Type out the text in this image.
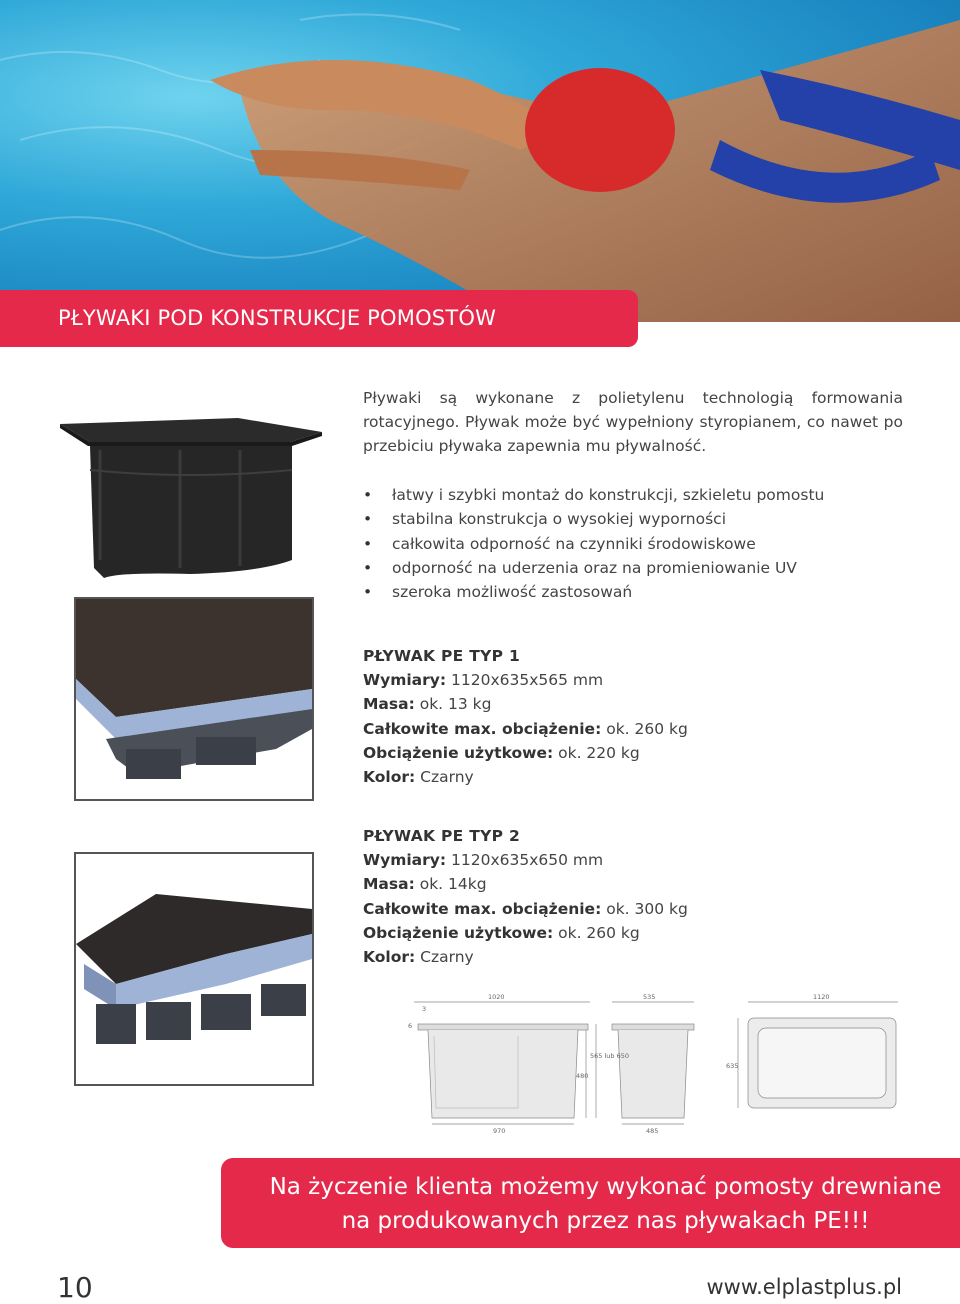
PŁYWAKI POD KONSTRUKCJE POMOSTÓW
Pływaki są wykonane z polietylenu technologią formowania rotacyjnego. Pływak może być wypełniony styropianem, co nawet po przebiciu pływaka zapewnia mu pływalność.
• łatwy i szybki montaż do konstrukcji, szkieletu pomostu
• stabilna konstrukcja o wysokiej wyporności
• całkowita odporność na czynniki środowiskowe
• odporność na uderzenia oraz na promieniowanie UV
• szeroka możliwość zastosowań
PŁYWAK PE TYP 1
Wymiary: 1120x635x565 mm
Masa: ok. 13 kg
Całkowite max. obciążenie: ok. 260 kg
Obciążenie użytkowe: ok. 220 kg
Kolor: Czarny
PŁYWAK PE TYP 2
Wymiary: 1120x635x650 mm
Masa: ok. 14kg
Całkowite max. obciążenie: ok. 300 kg
Obciążenie użytkowe: ok. 260 kg
Kolor: Czarny
1020
3
6
970
480
565 lub 650
535
485
1120
635
Na życzenie klienta możemy wykonać pomosty drewniane
na produkowanych przez nas pływakach PE!!!
10	www.elplastplus.pl
